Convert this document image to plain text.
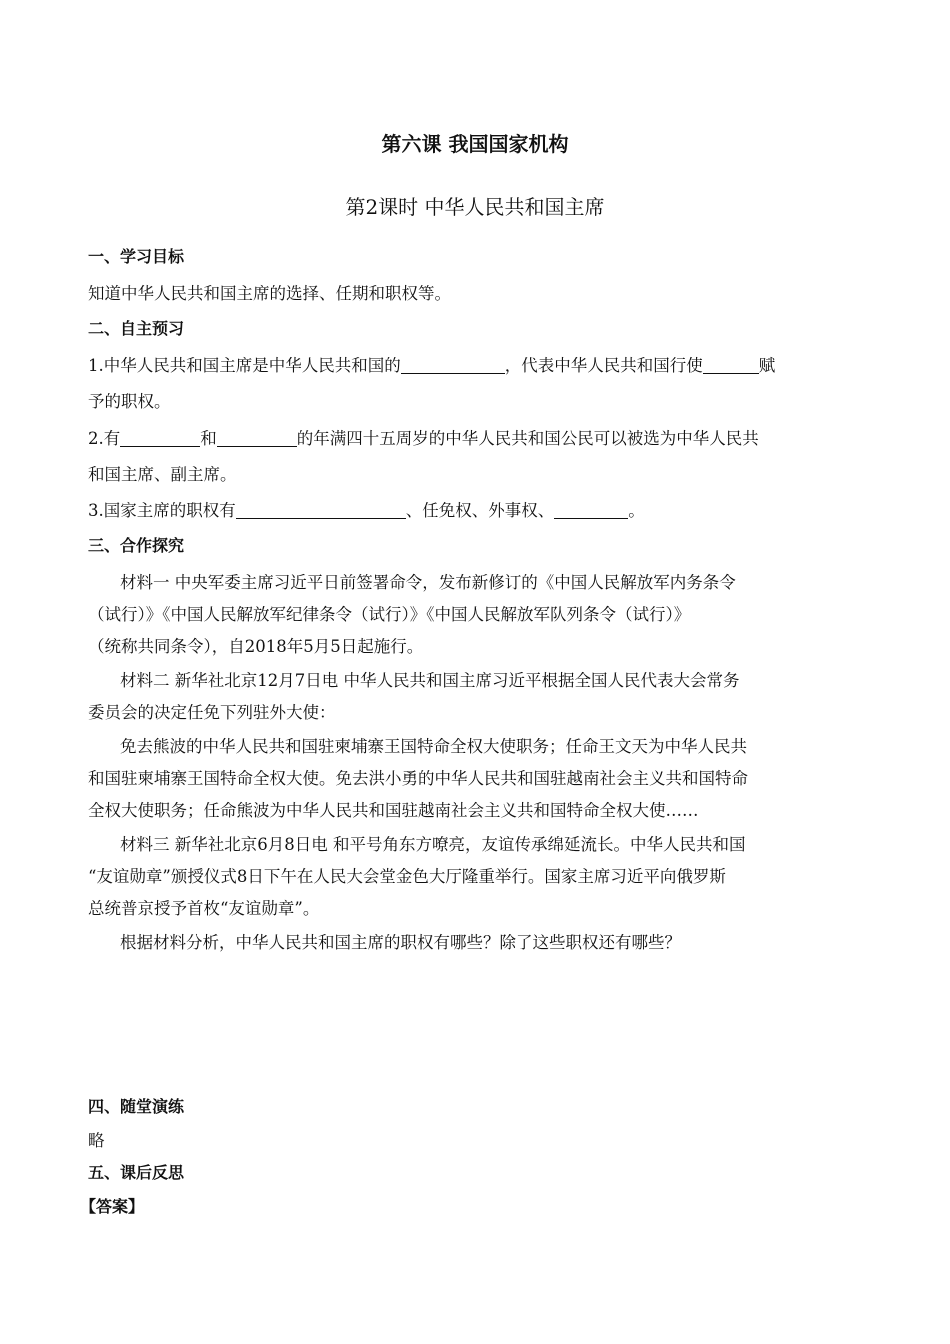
第六课 我国国家机构
第2课时 中华人民共和国主席
一、学习目标
知道中华人民共和国主席的选择、任期和职权等。
二、自主预习
1.中华人民共和国主席是中华人民共和国的	，代表中华人民共和国行使	赋
予的职权。
2.有	和	的年满四十五周岁的中华人民共和国公民可以被选为中华人民共
和国主席、副主席。
3.国家主席的职权有	、任免权、外事权、	。
三、合作探究
材料一 中央军委主席习近平日前签署命令，发布新修订的《中国人民解放军内务条令
（试行）》《中国人民解放军纪律条令（试行）》《中国人民解放军队列条令（试行）》
（统称共同条令），自2018年5月5日起施行。
材料二 新华社北京12月7日电 中华人民共和国主席习近平根据全国人民代表大会常务
委员会的决定任免下列驻外大使：
免去熊波的中华人民共和国驻柬埔寨王国特命全权大使职务；任命王文天为中华人民共
和国驻柬埔寨王国特命全权大使。免去洪小勇的中华人民共和国驻越南社会主义共和国特命
全权大使职务；任命熊波为中华人民共和国驻越南社会主义共和国特命全权大使……
材料三 新华社北京6月8日电 和平号角东方嘹亮，友谊传承绵延流长。中华人民共和国
“友谊勋章”颁授仪式8日下午在人民大会堂金色大厅隆重举行。国家主席习近平向俄罗斯
总统普京授予首枚“友谊勋章”。
根据材料分析，中华人民共和国主席的职权有哪些？除了这些职权还有哪些？
四、随堂演练
略
五、课后反思
【答案】
